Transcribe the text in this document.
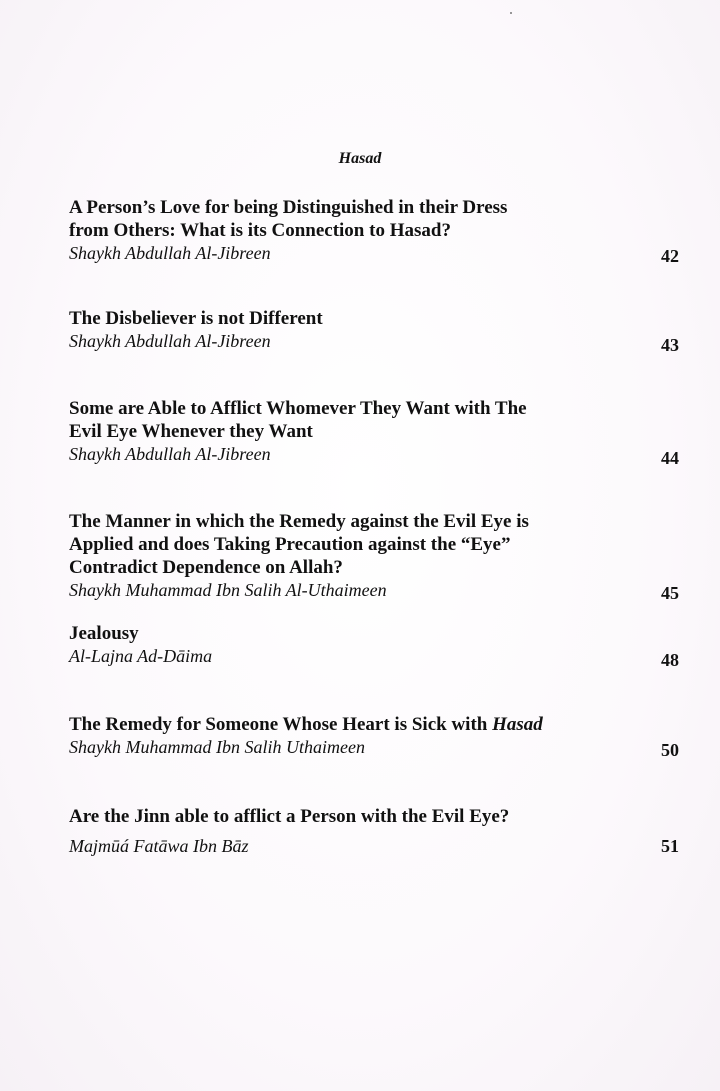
Hasad
A Person’s Love for being Distinguished in their Dress
from Others: What is its Connection to Hasad?
Shaykh Abdullah Al-Jibreen	42
The Disbeliever is not Different
Shaykh Abdullah Al-Jibreen	43
Some are Able to Afflict Whomever They Want with The
Evil Eye Whenever they Want
Shaykh Abdullah Al-Jibreen	44
The Manner in which the Remedy against the Evil Eye is
Applied and does Taking Precaution against the “Eye”
Contradict Dependence on Allah?
Shaykh Muhammad Ibn Salih Al-Uthaimeen	45
Jealousy
Al-Lajna Ad-Dāima	48
The Remedy for Someone Whose Heart is Sick with Hasad
Shaykh Muhammad Ibn Salih Uthaimeen	50
Are the Jinn able to afflict a Person with the Evil Eye?
Majmūá Fatāwa Ibn Bāz	51
